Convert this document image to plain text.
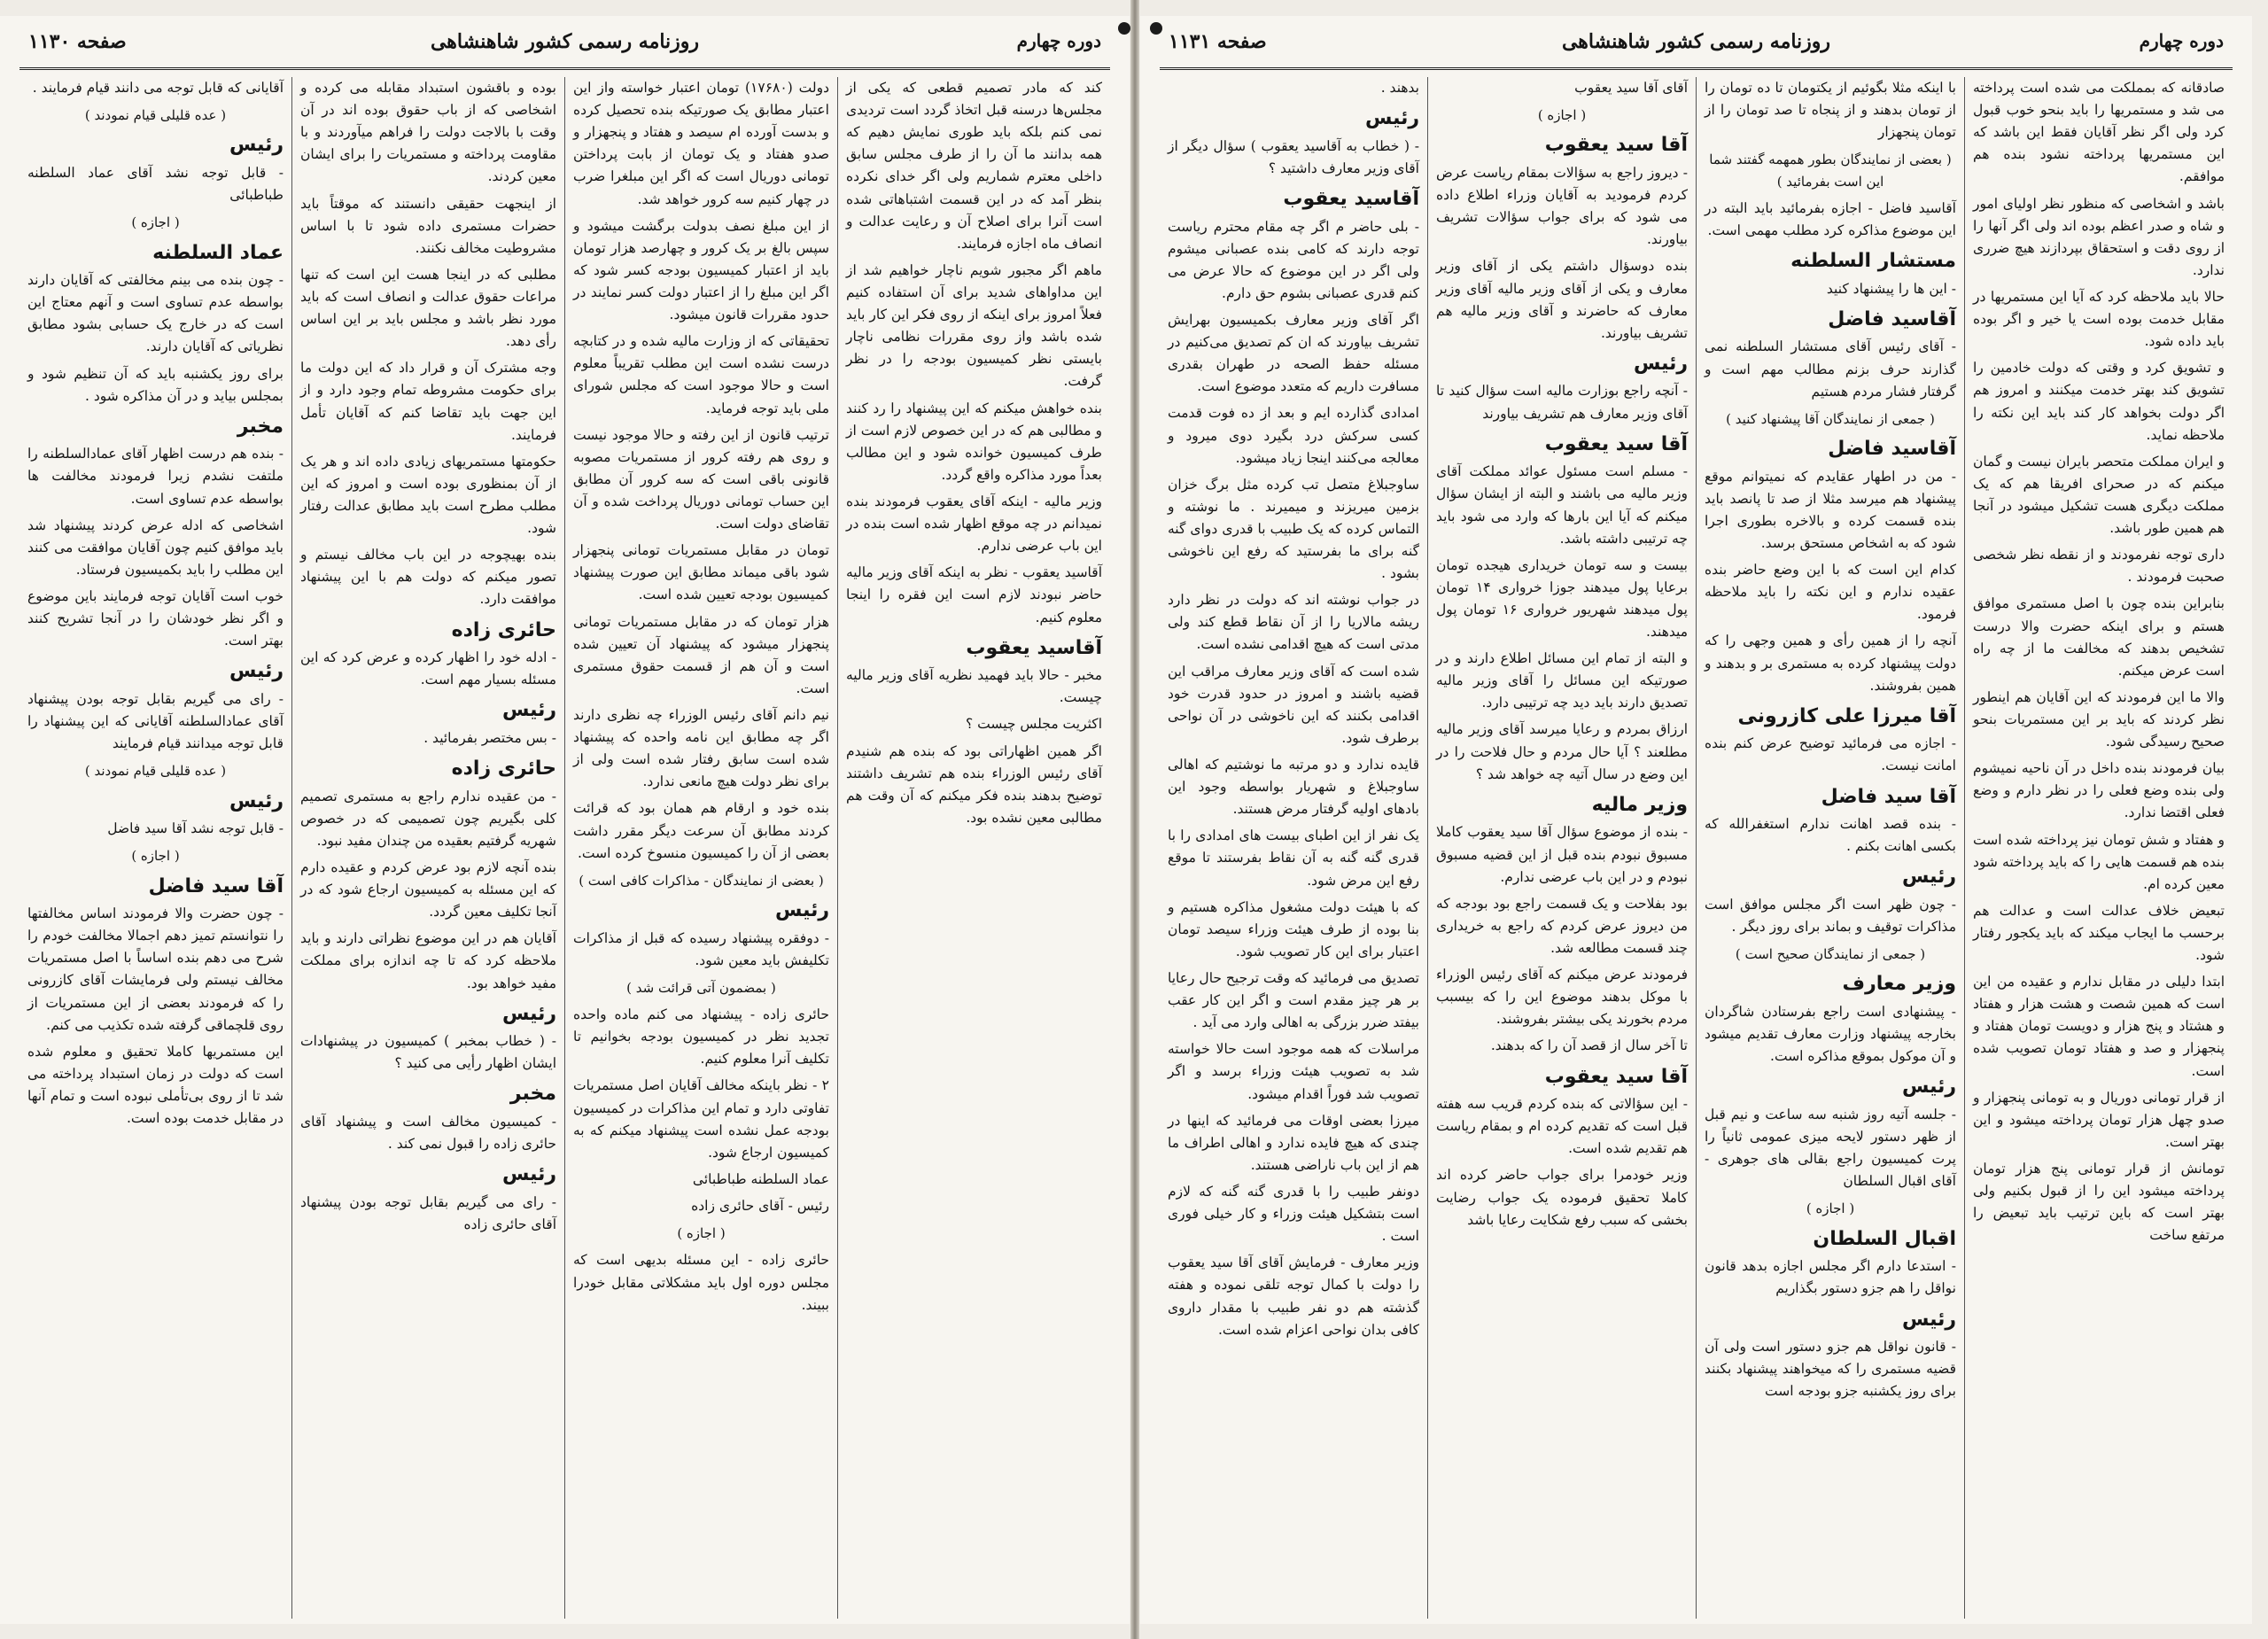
دوره چهارم
روزنامه رسمی کشور شاهنشاهی
صفحه ۱۱۳۰

کند که مادر تصمیم قطعی که یکی از مجلس‌ها درسنه قبل اتخاذ گردد است تردیدی نمی کنم بلکه باید طوری نمایش دهیم که همه بدانند ما آن را از طرف مجلس سابق داخلی معترم شماریم ولی اگر خدای نکرده بنظر آمد که در این قسمت اشتباهاتی شده است آنرا برای اصلاح آن و رعایت عدالت و انصاف ماه اجازه فرمایند.

ماهم اگر مجبور شویم ناچار خواهیم شد از این مداواهای شدید برای آن استفاده کنیم فعلاً امروز برای اینکه از روی فکر این کار باید شده باشد واز روی مقررات نظامی ناچار بایستی نظر کمیسیون بودجه را در نظر گرفت.

بنده خواهش میکنم که این پیشنهاد را رد کنند و مطالبی هم که در این خصوص لازم است از طرف کمیسیون خوانده شود و این مطالب بعداً مورد مذاکره واقع گردد.

وزیر مالیه - اینکه آقای یعقوب فرمودند بنده نمیدانم در چه موقع اظهار شده است بنده در این باب عرضی ندارم.

آقاسید یعقوب - نظر به اینکه آقای وزیر مالیه حاضر نبودند لازم است این فقره را اینجا معلوم کنیم.

آقاسید یعقوب

مخبر - حالا باید فهمید نظریه آقای وزیر مالیه چیست.

اکثریت مجلس چیست ؟

اگر همین اظهاراتی بود که بنده هم شنیدم آقای رئیس الوزراء بنده هم تشریف داشتند توضیح بدهند بنده فکر میکنم که آن وقت هم مطالبی معین نشده بود.

دولت (۱۷۶۸۰) تومان اعتبار خواسته واز این اعتبار مطابق یک صورتیکه بنده تحصیل کرده و بدست آورده ام سیصد و هفتاد و پنجهزار و صدو هفتاد و یک تومان از بابت پرداختن تومانی دوریال است که اگر این مبلغرا ضرب در چهار کنیم سه کرور خواهد شد.

از این مبلغ نصف بدولت برگشت میشود و سپس بالغ بر یک کرور و چهارصد هزار تومان باید از اعتبار کمیسیون بودجه کسر شود که اگر این مبلغ را از اعتبار دولت کسر نمایند در حدود مقررات قانون میشود.

تحقیقاتی که از وزارت مالیه شده و در کتابچه درست نشده است این مطلب تقریباً معلوم است و حالا موجود است که مجلس شورای ملی باید توجه فرماید.

ترتیب قانون از این رفته و حالا موجود نیست و روی هم رفته کرور از مستمریات مصوبه قانونی باقی است که سه کرور آن مطابق این حساب تومانی دوریال پرداخت شده و آن تقاضای دولت است.

تومان در مقابل مستمریات تومانی پنجهزار شود باقی میماند مطابق این صورت پیشنهاد کمیسیون بودجه تعیین شده است.

هزار تومان که در مقابل مستمریات تومانی پنجهزار میشود که پیشنهاد آن تعیین شده است و آن هم از قسمت حقوق مستمری است.

نیم دانم آقای رئیس الوزراء چه نظری دارند اگر چه مطابق این نامه واحده که پیشنهاد شده است سابق رفتار شده است ولی از برای نظر دولت هیچ مانعی ندارد.

بنده خود و ارقام هم همان بود که قرائت کردند مطابق آن سرعت دیگر مقرر داشت بعضی از آن را کمیسیون منسوخ کرده است.

( بعضی از نمایندگان - مذاکرات کافی است )
رئیس

- دوفقره پیشنهاد رسیده که قبل از مذاکرات تکلیفش باید معین شود.

( بمضمون آتی قرائت شد )

حائری زاده - پیشنهاد می کنم ماده واحده تجدید نظر در کمیسیون بودجه بخوانیم تا تکلیف آنرا معلوم کنیم.

۲ - نظر باینکه مخالف آقایان اصل مستمریات تفاوتی دارد و تمام این مذاکرات در کمیسیون بودجه عمل نشده است پیشنهاد میکنم که به کمیسیون ارجاع شود.

عماد السلطنه طباطبائی

رئیس - آقای حائری زاده

( اجازه )

حائری زاده - این مسئله بدیهی است که مجلس دوره اول باید مشکلاتی مقابل خودرا ببیند.

بوده و باقشون استبداد مقابله می کرده و اشخاصی که از باب حقوق بوده اند در آن وقت با بالاجت دولت را فراهم میآوردند و با مقاومت پرداخته و مستمریات را برای ایشان معین کردند.

از اینجهت حقیقی دانستند که موقتاً باید حضرات مستمری داده شود تا با اساس مشروطیت مخالف نکنند.

مطلبی که در اینجا هست این است که تنها مراعات حقوق عدالت و انصاف است که باید مورد نظر باشد و مجلس باید بر این اساس رأی دهد.

وجه مشترک آن و قرار داد که این دولت ما برای حکومت مشروطه تمام وجود دارد و از این جهت باید تقاضا کنم که آقایان تأمل فرمایند.

حکومتها مستمریهای زیادی داده اند و هر یک از آن بمنظوری بوده است و امروز که این مطلب مطرح است باید مطابق عدالت رفتار شود.

بنده بهیچوجه در این باب مخالف نیستم و تصور میکنم که دولت هم با این پیشنهاد موافقت دارد.

حائری زاده

- ادله خود را اظهار کرده و عرض کرد که این مسئله بسیار مهم است.

رئیس

- بس مختصر بفرمائید .

حائری زاده

- من عقیده ندارم راجع به مستمری تصمیم کلی بگیریم چون تصمیمی که در خصوص شهریه گرفتیم بعقیده من چندان مفید نبود.

بنده آنچه لازم بود عرض کردم و عقیده دارم که این مسئله به کمیسیون ارجاع شود که در آنجا تکلیف معین گردد.

آقایان هم در این موضوع نظراتی دارند و باید ملاحظه کرد که تا چه اندازه برای مملکت مفید خواهد بود.

رئیس

- ( خطاب بمخبر ) کمیسیون در پیشنهادات ایشان اظهار رأیی می کنید ؟

مخبر

- کمیسیون مخالف است و پیشنهاد آقای حائری زاده را قبول نمی کند .

رئیس

- رای می گیریم بقابل توجه بودن پیشنهاد آقای حائری زاده

آقایانی که قابل توجه می دانند قیام فرمایند .

( عده قلیلی قیام نمودند )
رئیس

- قابل توجه نشد آقای عماد السلطنه طباطبائی

( اجازه )
عماد السلطنه

- چون بنده می بینم مخالفتی که آقایان دارند بواسطه عدم تساوی است و آنهم معتاج این است که در خارج یک حسابی بشود مطابق نظریاتی که آقایان دارند.

برای روز یکشنبه باید که آن تنظیم شود و بمجلس بیاید و در آن مذاکره شود .

مخبر

- بنده هم درست اظهار آقای عمادالسلطنه را ملتفت نشدم زیرا فرمودند مخالفت ها بواسطه عدم تساوی است.

اشخاصی که ادله عرض کردند پیشنهاد شد باید موافق کنیم چون آقایان موافقت می کنند این مطلب را باید بکمیسیون فرستاد.

خوب است آقایان توجه فرمایند باین موضوع و اگر نظر خودشان را در آنجا تشریح کنند بهتر است.

رئیس

- رای می گیریم بقابل توجه بودن پیشنهاد آقای عمادالسلطنه آقایانی که این پیشنهاد را قابل توجه میدانند قیام فرمایند

( عده قلیلی قیام نمودند )
رئیس

- قابل توجه نشد آقا سید فاضل

( اجازه )
آقا سید فاضل

- چون حضرت والا فرمودند اساس مخالفتها را نتوانستم تمیز دهم اجمالا مخالفت خودم را شرح می دهم بنده اساساً با اصل مستمریات مخالف نیستم ولی فرمایشات آقای کازرونی را که فرمودند بعضی از این مستمریات از روی قلچماقی گرفته شده تکذیب می کنم.

این مستمریها کاملا تحقیق و معلوم شده است که دولت در زمان استبداد پرداخته می شد تا از روی بی‌تأملی نبوده است و تمام آنها در مقابل خدمت بوده است.

دوره چهارم
روزنامه رسمی کشور شاهنشاهی
صفحه ۱۱۳۱

صادقانه که بمملکت می شده است پرداخته می شد و مستمریها را باید بنحو خوب قبول کرد ولی اگر نظر آقایان فقط این باشد که این مستمریها پرداخته نشود بنده هم موافقم.

باشد و اشخاصی که منظور نظر اولیای امور و شاه و صدر اعظم بوده اند ولی اگر آنها را از روی دقت و استحقاق بپردازند هیچ ضرری ندارد.

حالا باید ملاحظه کرد که آیا این مستمریها در مقابل خدمت بوده است یا خیر و اگر بوده باید داده شود.

و تشویق کرد و وقتی که دولت خادمین را تشویق کند بهتر خدمت میکنند و امروز هم اگر دولت بخواهد کار کند باید این نکته را ملاحظه نماید.

و ایران مملکت متحصر بایران نیست و گمان میکنم که در صحرای افریقا هم که یک مملکت دیگری هست تشکیل میشود در آنجا هم همین طور باشد.

داری توجه نفرمودند و از نقطه نظر شخصی صحبت فرمودند .

بنابراین بنده چون با اصل مستمری موافق هستم و برای اینکه حضرت والا درست تشخیص بدهند که مخالفت ما از چه راه است عرض میکنم.

والا ما این فرمودند که این آقایان هم اینطور نظر کردند که باید بر این مستمریات بنحو صحیح رسیدگی شود.

بیان فرمودند بنده داخل در آن ناحیه نمیشوم ولی بنده وضع فعلی را در نظر دارم و وضع فعلی اقتضا ندارد.

و هفتاد و شش تومان نیز پرداخته شده است بنده هم قسمت هایی را که باید پرداخته شود معین کرده ام.

تبعیض خلاف عدالت است و عدالت هم برحسب ما ایجاب میکند که باید یکجور رفتار شود.

ابتدا دلیلی در مقابل ندارم و عقیده من این است که همین شصت و هشت هزار و هفتاد و هشتاد و پنج هزار و دویست تومان هفتاد و پنجهزار و صد و هفتاد تومان تصویب شده است.

از قرار تومانی دوریال و به تومانی پنجهزار و صدو چهل هزار تومان پرداخته میشود و این بهتر است.

تومانش از قرار تومانی پنج هزار تومان پرداخته میشود این را از قبول بکنیم ولی بهتر است که باین ترتیب باید تبعیض را مرتفع ساخت

با اینکه مثلا بگوئیم از یکتومان تا ده تومان را از تومان بدهند و از پنجاه تا صد تومان را از تومان پنجهزار

( بعضی از نمایندگان بطور همهمه گفتند شما این است بفرمائید )

آقاسید فاضل - اجازه بفرمائید باید البته در این موضوع مذاکره کرد مطلب مهمی است.

مستشار السلطنه

- این ها را پیشنهاد کنید

آقاسید فاضل

- آقای رئیس آقای مستشار السلطنه نمی گذارند حرف بزنم مطالب مهم است و گرفتار فشار مردم هستیم

( جمعی از نمایندگان آقا پیشنهاد کنید )
آقاسید فاضل

- من در اطهار عقایدم که نمیتوانم موقع پیشنهاد هم میرسد مثلا از صد تا پانصد باید بنده قسمت کرده و بالاخره بطوری اجرا شود که به اشخاص مستحق برسد.

کدام این است که با این وضع حاضر بنده عقیده ندارم و این نکته را باید ملاحظه فرمود.

آنچه را از همین رأی و همین وجهی را که دولت پیشنهاد کرده به مستمری بر و بدهند و همین بفروشند.

آقا میرزا علی کازرونی

- اجازه می فرمائید توضیح عرض کنم بنده امانت نیست.

آقا سید فاضل

- بنده قصد اهانت ندارم استغفرالله که بکسی اهانت بکنم .

رئیس

- چون ظهر است اگر مجلس موافق است مذاکرات توقیف و بماند برای روز دیگر .

( جمعی از نمایندگان صحیح است )
وزیر معارف

- پیشنهادی است راجع بفرستادن شاگردان بخارجه پیشنهاد وزارت معارف تقدیم میشود و آن موکول بموقع مذاکره است.

رئیس

- جلسه آتیه روز شنبه سه ساعت و نیم قبل از ظهر دستور لایحه میزی عمومی ثانیاً را پرت کمیسیون راجع بقالی های جوهری - آقای اقبال السلطان

( اجازه )
اقبال السلطان

- استدعا دارم اگر مجلس اجازه بدهد قانون نواقل را هم جزو دستور بگذاریم

رئیس

- قانون نواقل هم جزو دستور است ولی آن قضیه مستمری را که میخواهند پیشنهاد بکنند برای روز یکشنبه جزو بودجه است

آقای آقا سید یعقوب

( اجازه )
آقا سید یعقوب

- دیروز راجع به سؤالات بمقام ریاست عرض کردم فرمودید به آقایان وزراء اطلاع داده می شود که برای جواب سؤالات تشریف بیاورند.

بنده دوسؤال داشتم یکی از آقای وزیر معارف و یکی از آقای وزیر مالیه آقای وزیر معارف که حاضرند و آقای وزیر مالیه هم تشریف بیاورند.

رئیس

- آنچه راجع بوزارت مالیه است سؤال کنید تا آقای وزیر معارف هم تشریف بیاورند

آقا سید یعقوب

- مسلم است مسئول عوائد مملکت آقای وزیر مالیه می باشند و البته از ایشان سؤال میکنم که آیا این بارها که وارد می شود باید چه ترتیبی داشته باشد.

بیست و سه تومان خریداری هیجده تومان برعایا پول میدهند جوزا خرواری ۱۴ تومان پول میدهند شهریور خرواری ۱۶ تومان پول میدهند.

و البته از تمام این مسائل اطلاع دارند و در صورتیکه این مسائل را آقای وزیر مالیه تصدیق دارند باید دید چه ترتیبی دارد.

ارزاق بمردم و رعایا میرسد آقای وزیر مالیه مطلعند ؟ آیا حال مردم و حال فلاحت را در این وضع در سال آتیه چه خواهد شد ؟

وزیر مالیه

- بنده از موضوع سؤال آقا سید یعقوب کاملا مسبوق نبودم بنده قبل از این قضیه مسبوق نبودم و در این باب عرضی ندارم.

بود بفلاحت و یک قسمت راجع بود بودجه که من دیروز عرض کردم که راجع به خریداری چند قسمت مطالعه شد.

فرمودند عرض میکنم که آقای رئیس الوزراء با موکل بدهند موضوع این را که بیسبب مردم بخورند یکی بیشتر بفروشند.

تا آخر سال از قصد آن را که بدهند.

آقا سید یعقوب

- این سؤالاتی که بنده کردم قریب سه هفته قبل است که تقدیم کرده ام و بمقام ریاست هم تقدیم شده است.

وزیر خودمرا برای جواب حاضر کرده اند کاملا تحقیق فرموده یک جواب رضایت بخشی که سبب رفع شکایت رعایا باشد

بدهند .

رئیس

- ( خطاب به آقاسید یعقوب ) سؤال دیگر از آقای وزیر معارف داشتید ؟

آقاسید یعقوب

- بلی حاضر م اگر چه مقام محترم ریاست توجه دارند که کامی بنده عصبانی میشوم ولی اگر در این موضوع که حالا عرض می کنم قدری عصبانی بشوم حق دارم.

اگر آقای وزیر معارف بکمیسیون بهرایش تشریف بیاورند که ان کم تصدیق می‌کنیم در مسئله حفظ الصحه در طهران بقدری مسافرت داریم که متعدد موضوع است.

امدادی گذارده ایم و بعد از ده فوت قدمت کسی سرکش درد بگیرد دوی میرود و معالجه می‌کنند اینجا زیاد میشود.

ساوجبلاغ متصل تب کرده مثل برگ خزان بزمین میریزند و میمیرند . ما نوشته و التماس کرده که یک طبیب با قدری دوای گنه گنه برای ما بفرستید که رفع این ناخوشی بشود .

در جواب نوشته اند که دولت در نظر دارد ریشه مالاریا را از آن نقاط قطع کند ولی مدتی است که هیچ اقدامی نشده است.

شده است که آقای وزیر معارف مراقب این قضیه باشند و امروز در حدود قدرت خود اقدامی بکنند که این ناخوشی در آن نواحی برطرف شود.

قایده ندارد و دو مرتبه ما نوشتیم که اهالی ساوجبلاغ و شهریار بواسطه وجود این بادهای اولیه گرفتار مرض هستند.

یک نفر از این اطبای بیست های امدادی را با قدری گنه گنه به آن نقاط بفرستند تا موقع رفع این مرض شود.

که با هیئت دولت مشغول مذاکره هستیم و بنا بوده از طرف هیئت وزراء سیصد تومان اعتبار برای این کار تصویب شود.

تصدیق می فرمائید که وقت ترجیح حال رعایا بر هر چیز مقدم است و اگر این کار عقب بیفتد ضرر بزرگی به اهالی وارد می آید .

مراسلات که همه موجود است حالا خواسته شد به تصویب هیئت وزراء برسد و اگر تصویب شد فوراً اقدام میشود.

میرزا بعضی اوقات می فرمائید که اینها در چندی که هیچ فایده ندارد و اهالی اطراف ما هم از این باب ناراضی هستند.

دونفر طبیب را با قدری گنه گنه که لازم است بتشکیل هیئت وزراء و کار خیلی فوری است .

وزیر معارف - فرمایش آقای آقا سید یعقوب را دولت با کمال توجه تلقی نموده و هفته گذشته هم دو نفر طبیب با مقدار داروی کافی بدان نواحی اعزام شده است.
